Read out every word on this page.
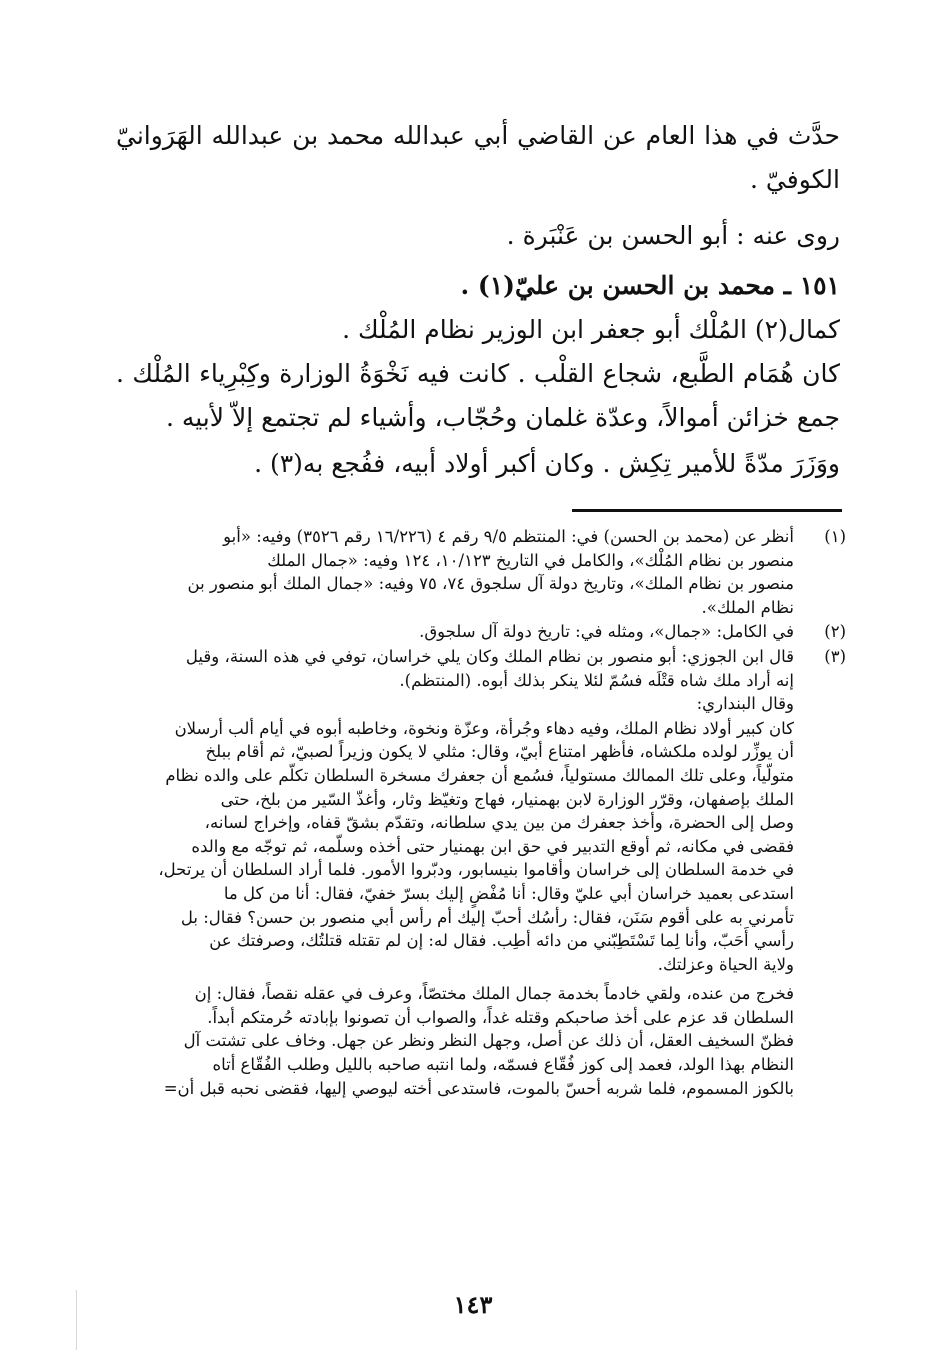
حدَّث في هذا العام عن القاضي أبي عبدالله محمد بن عبدالله الهَرَوانيّ
الكوفيّ .
روى عنه : أبو الحسن بن عَنْبَرة .
١٥١ ـ محمد بن الحسن بن عليّ(١) .
كمال(٢) المُلْك أبو جعفر ابن الوزير نظام المُلْك .
كان هُمَام الطَّبع، شجاع القلْب . كانت فيه نَخْوَةُ الوزارة وكِبْرِياء المُلْك .
جمع خزائن أموالاً، وعدّة غلمان وحُجّاب، وأشياء لم تجتمع إلاّ لأبيه .
ووَزَرَ مدّةً للأمير تِكِش . وكان أكبر أولاد أبيه، ففُجع به(٣) .
(١)
أنظر عن (محمد بن الحسن) في: المنتظم ٩/٥ رقم ٤ (١٦/٢٢٦ رقم ٣٥٢٦) وفيه: «أبو
منصور بن نظام المُلْك»، والكامل في التاريخ ١٠/١٢٣، ١٢٤ وفيه: «جمال الملك
منصور بن نظام الملك»، وتاريخ دولة آل سلجوق ٧٤، ٧٥ وفيه: «جمال الملك أبو منصور بن
نظام الملك».
(٢)
في الكامل: «جمال»، ومثله في: تاريخ دولة آل سلجوق.
(٣)
قال ابن الجوزي: أبو منصور بن نظام الملك وكان يلي خراسان، توفي في هذه السنة، وقيل
إنه أراد ملك شاه قتْلَه فسُمّ لئلا ينكر بذلك أبوه. (المنتظم).
وقال البنداري:
كان كبير أولاد نظام الملك، وفيه دهاء وجُرأة، وعزّة ونخوة، وخاطبه أبوه في أيام ألب أرسلان
أن يوزِّر لولده ملكشاه، فأظهر امتناع أبيّ، وقال: مثلي لا يكون وزيراً لصبيّ، ثم أقام ببلخ
متولّياً، وعلى تلك الممالك مستولياً، فسُمع أن جعفرك مسخرة السلطان تكلّم على والده نظام
الملك بإصفهان، وقرّر الوزارة لابن بهمنيار، فهاج وتغيّظ وثار، وأغذّ السّير من بلخ، حتى
وصل إلى الحضرة، وأخذ جعفرك من بين يدي سلطانه، وتقدّم بشقّ قفاه، وإخراج لسانه،
فقضى في مكانه، ثم أوقع التدبير في حق ابن بهمنيار حتى أخذه وسلّمه، ثم توجّه مع والده
في خدمة السلطان إلى خراسان وأقاموا بنيسابور، ودبّروا الأمور. فلما أراد السلطان أن يرتحل،
استدعى بعميد خراسان أبي عليّ وقال: أنا مُفْضٍ إليك بسرّ خفيّ، فقال: أنا من كل ما
تأمرني به على أقوم سَنَن، فقال: رأسُك أحبّ إليك أم رأس أبي منصور بن حسن؟ فقال: بل
رأسي أَحَبّ، وأنا لِما تَسْتَطِبّني من دائه أطِب. فقال له: إن لم تقتله قتلتُك، وصرفتك عن
ولاية الحياة وعزلتك.
فخرج من عنده، ولقي خادماً بخدمة جمال الملك مختصّاً، وعرف في عقله نقصاً، فقال: إن
السلطان قد عزم على أخذ صاحبكم وقتله غداً، والصواب أن تصونوا بإبادته حُرمتكم أبداً.
فظنّ السخيف العقل، أن ذلك عن أصل، وجهل النظر ونظر عن جهل. وخاف على تشتت آل
النظام بهذا الولد، فعمد إلى كوز فُقّاع فسمّه، ولما انتبه صاحبه بالليل وطلب الفُقّاع أتاه
بالكوز المسموم، فلما شربه أحسّ بالموت، فاستدعى أخته ليوصي إليها، فقضى نحبه قبل أن=
١٤٣
